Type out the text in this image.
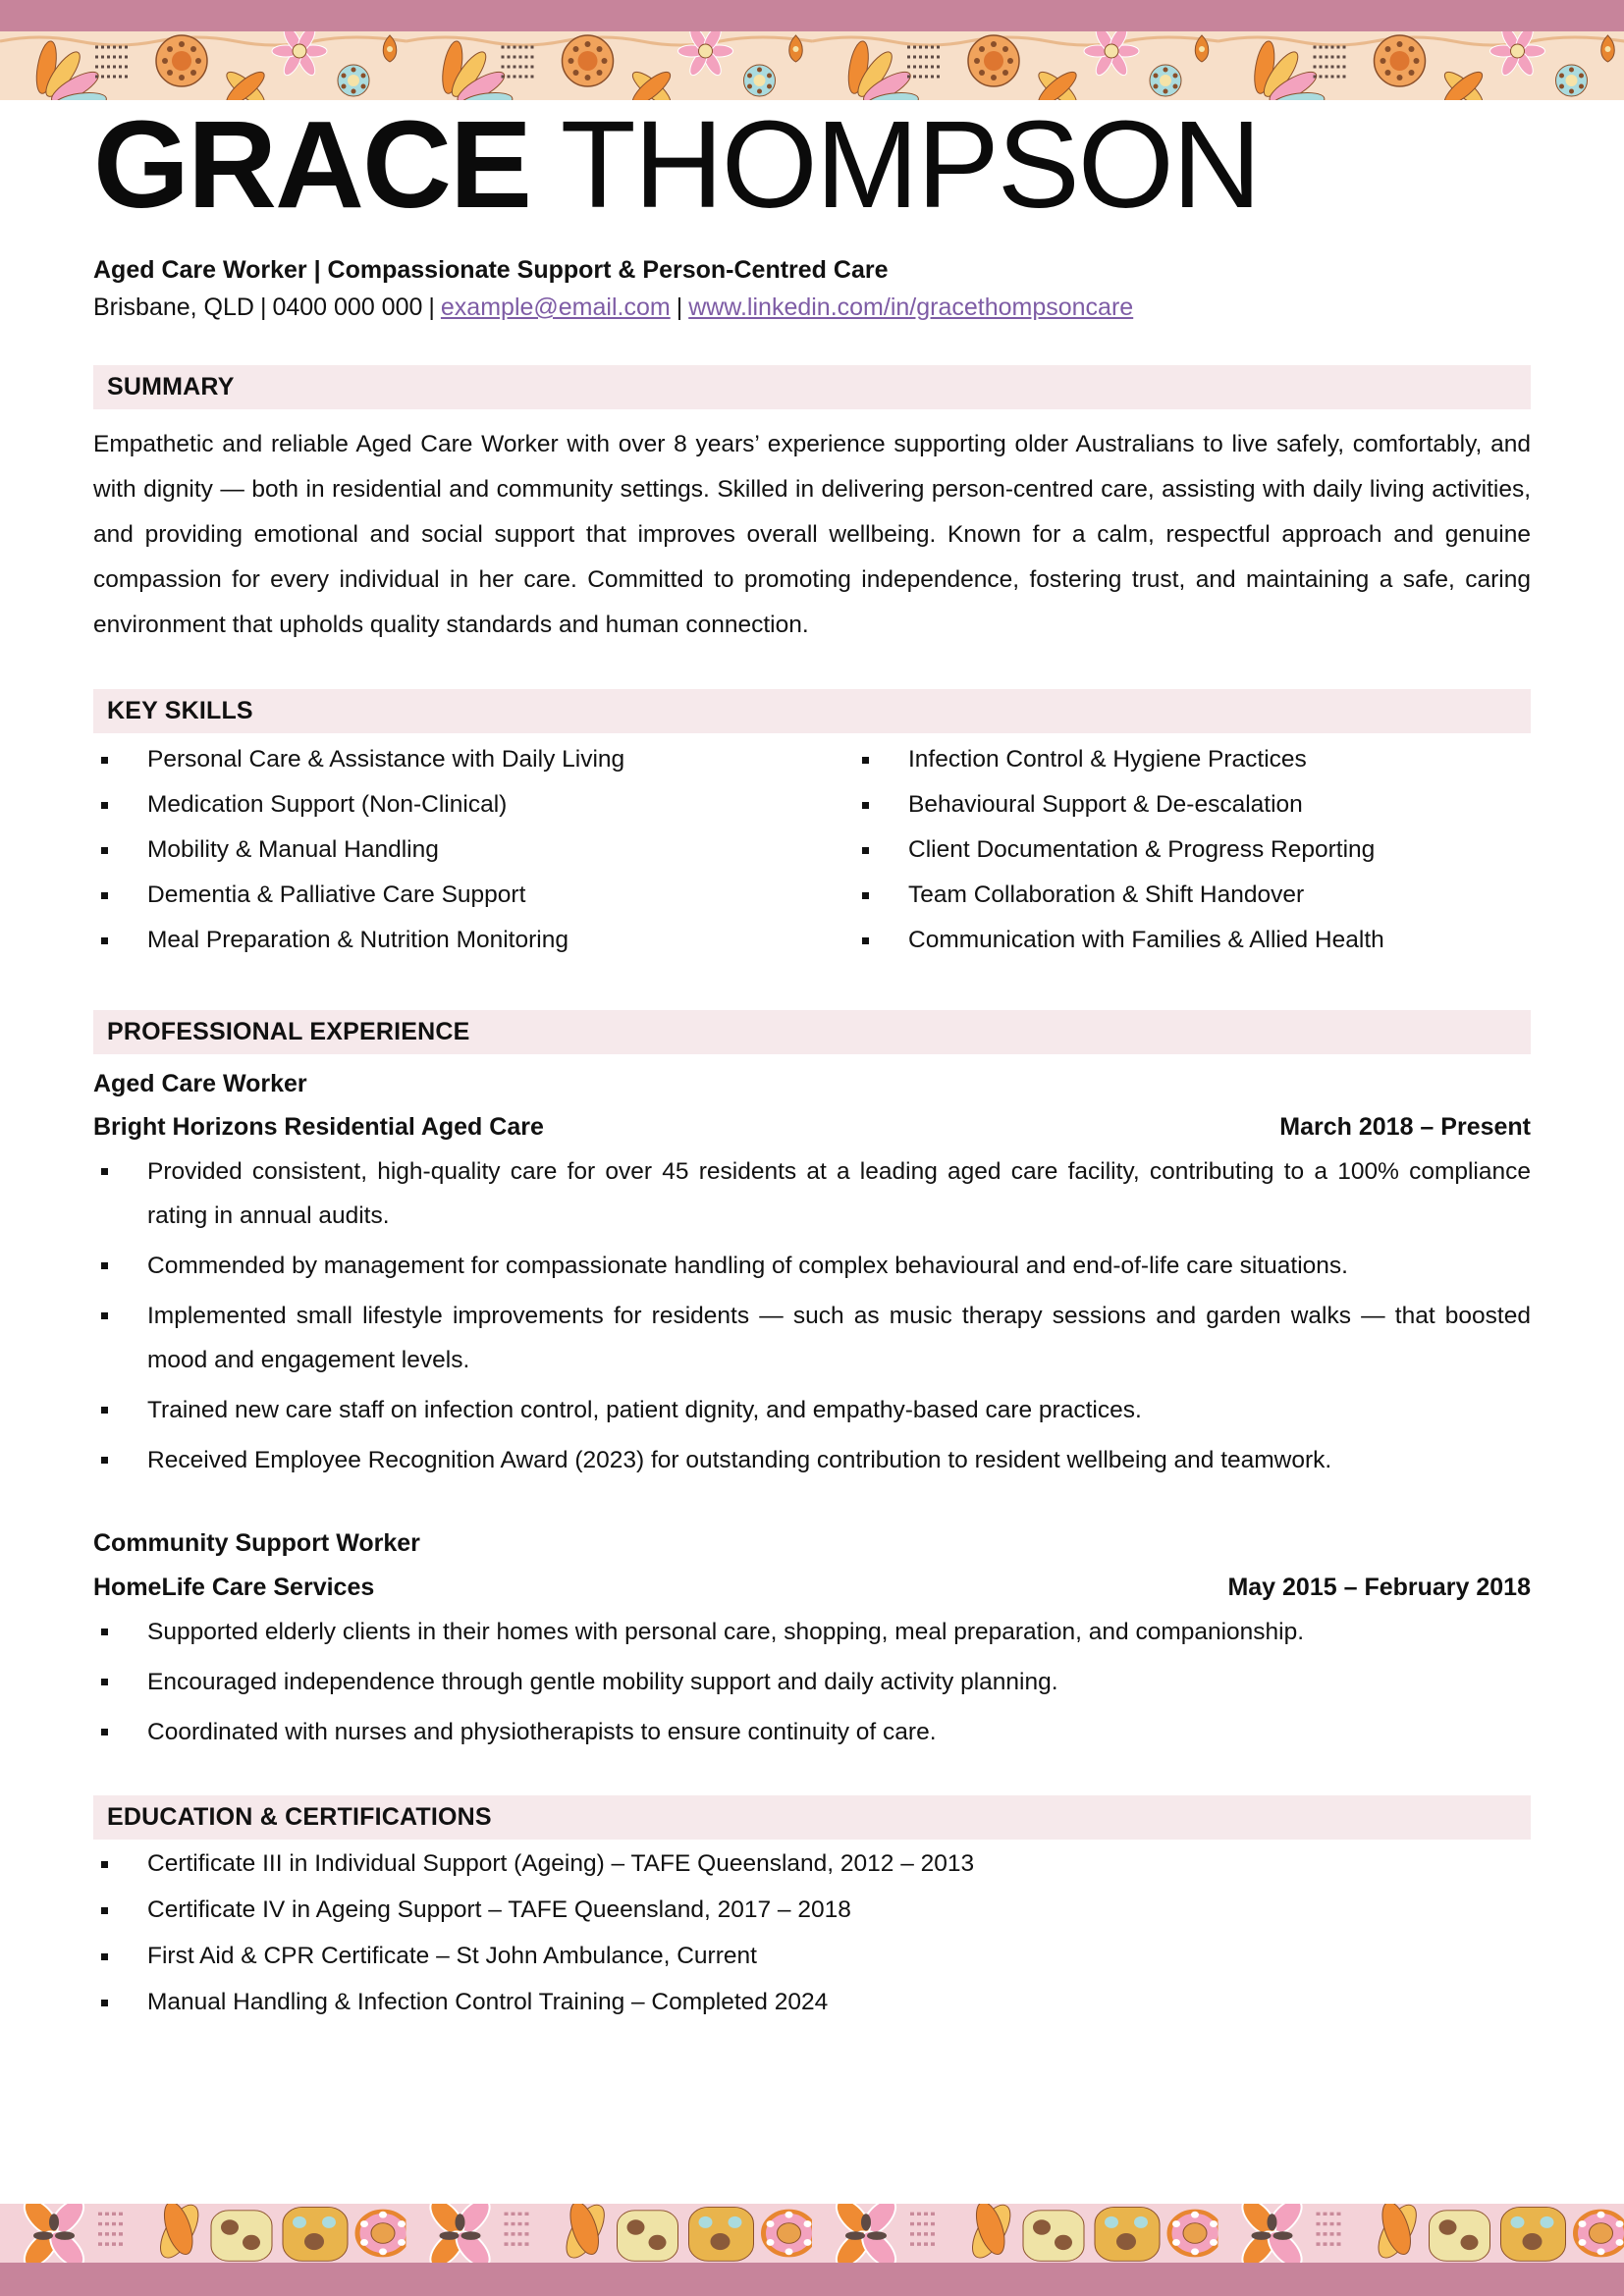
GRACE THOMPSON
Aged Care Worker | Compassionate Support & Person-Centred Care
Brisbane, QLD | 0400 000 000 | example@email.com | www.linkedin.com/in/gracethompsoncare
SUMMARY
Empathetic and reliable Aged Care Worker with over 8 years’ experience supporting older Australians to live safely, comfortably, and with dignity — both in residential and community settings. Skilled in delivering person-centred care, assisting with daily living activities, and providing emotional and social support that improves overall wellbeing. Known for a calm, respectful approach and genuine compassion for every individual in her care. Committed to promoting independence, fostering trust, and maintaining a safe, caring environment that upholds quality standards and human connection.
KEY SKILLS
Personal Care & Assistance with Daily Living
Medication Support (Non-Clinical)
Mobility & Manual Handling
Dementia & Palliative Care Support
Meal Preparation & Nutrition Monitoring
Infection Control & Hygiene Practices
Behavioural Support & De-escalation
Client Documentation & Progress Reporting
Team Collaboration & Shift Handover
Communication with Families & Allied Health
PROFESSIONAL EXPERIENCE
Aged Care Worker
Bright Horizons Residential Aged Care	March 2018 – Present
Provided consistent, high-quality care for over 45 residents at a leading aged care facility, contributing to a 100% compliance rating in annual audits.
Commended by management for compassionate handling of complex behavioural and end-of-life care situations.
Implemented small lifestyle improvements for residents — such as music therapy sessions and garden walks — that boosted mood and engagement levels.
Trained new care staff on infection control, patient dignity, and empathy-based care practices.
Received Employee Recognition Award (2023) for outstanding contribution to resident wellbeing and teamwork.
Community Support Worker
HomeLife Care Services	May 2015 – February 2018
Supported elderly clients in their homes with personal care, shopping, meal preparation, and companionship.
Encouraged independence through gentle mobility support and daily activity planning.
Coordinated with nurses and physiotherapists to ensure continuity of care.
EDUCATION & CERTIFICATIONS
Certificate III in Individual Support (Ageing) – TAFE Queensland, 2012 – 2013
Certificate IV in Ageing Support – TAFE Queensland, 2017 – 2018
First Aid & CPR Certificate – St John Ambulance, Current
Manual Handling & Infection Control Training – Completed 2024
